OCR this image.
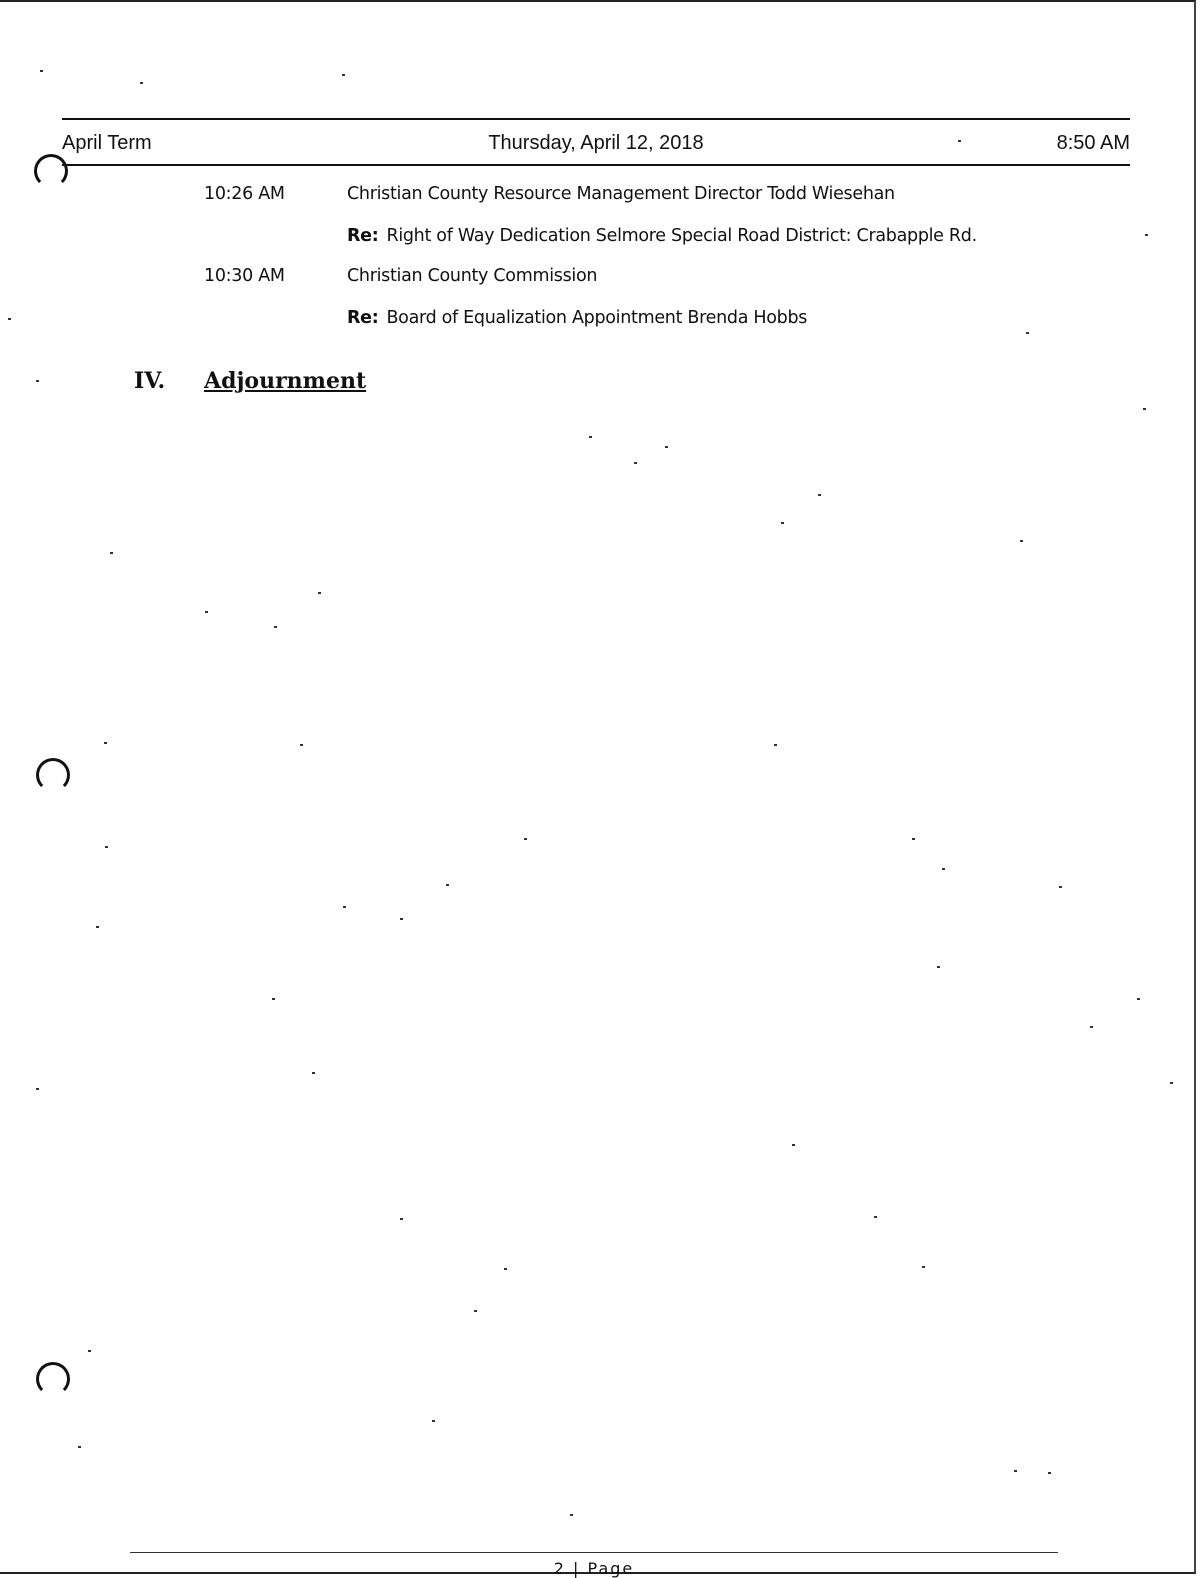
April Term	Thursday, April 12, 2018	8:50 AM
10:26 AM	Christian County Resource Management Director Todd Wiesehan
Re: Right of Way Dedication Selmore Special Road District: Crabapple Rd.
10:30 AM	Christian County Commission
Re: Board of Equalization Appointment Brenda Hobbs
IV. Adjournment
2 | Page
